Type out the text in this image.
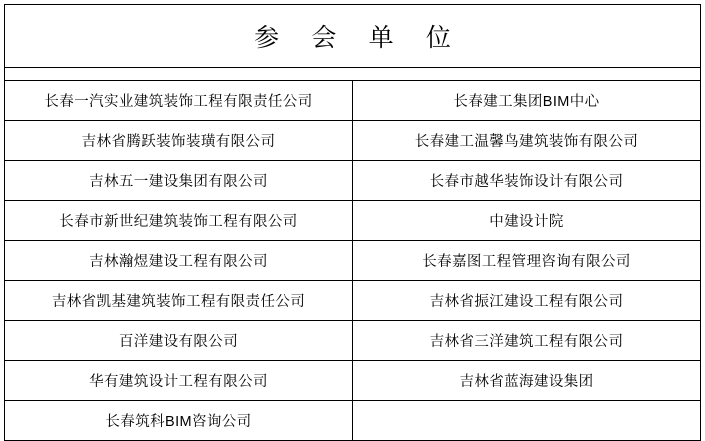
参 会 单 位	

长春一汽实业建筑装饰工程有限责任公司	长春建工集团BIM中心
吉林省腾跃装饰装璜有限公司	长春建工温馨鸟建筑装饰有限公司
吉林五一建设集团有限公司	长春市越华装饰设计有限公司
长春市新世纪建筑装饰工程有限公司	中建设计院
吉林瀚煜建设工程有限公司	长春嘉图工程管理咨询有限公司
吉林省凯基建筑装饰工程有限责任公司	吉林省振江建设工程有限公司
百洋建设有限公司	吉林省三洋建筑工程有限公司
华有建筑设计工程有限公司	吉林省蓝海建设集团
长春筑科BIM咨询公司	
